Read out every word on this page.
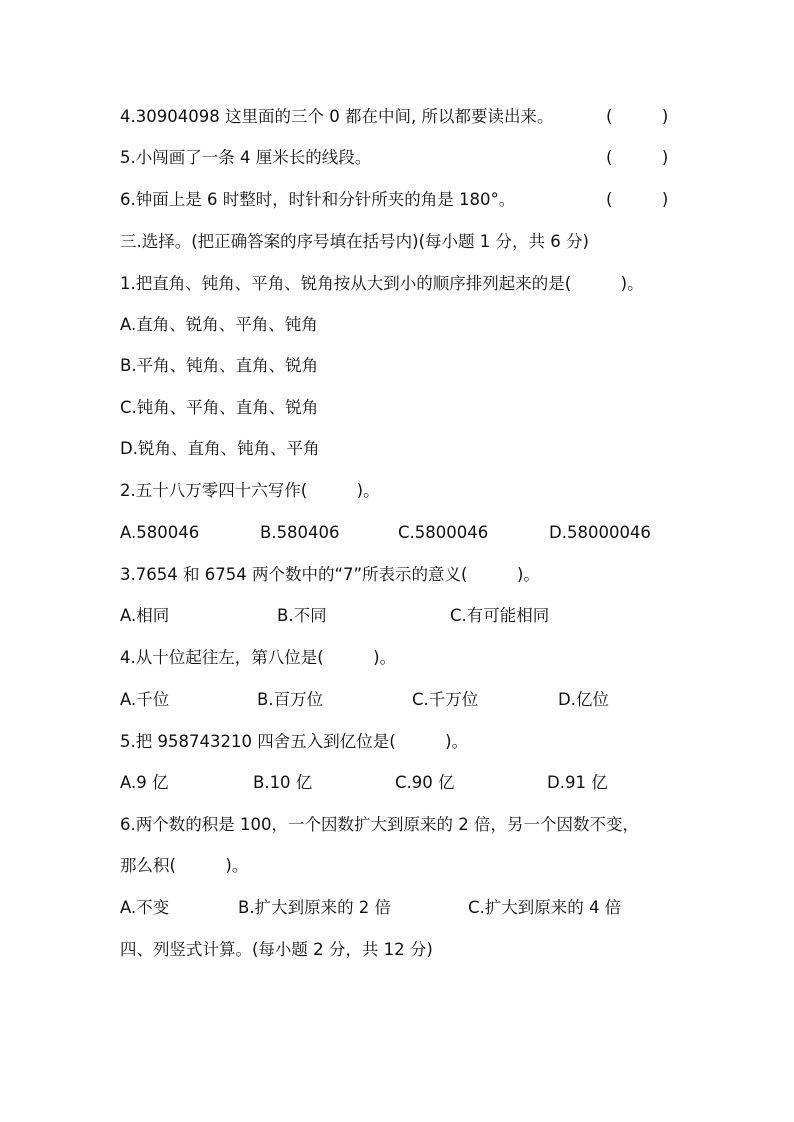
4.30904098 这里面的三个 0 都在中间, 所以都要读出来。	(　　　)
5.小闯画了一条 4 厘米长的线段。	(　　　)
6.钟面上是 6 时整时，时针和分针所夹的角是 180°。	(　　　)
三.选择。(把正确答案的序号填在括号内)(每小题 1 分，共 6 分)
1.把直角、钝角、平角、锐角按从大到小的顺序排列起来的是(　　　)。
A.直角、锐角、平角、钝角
B.平角、钝角、直角、锐角
C.钝角、平角、直角、锐角
D.锐角、直角、钝角、平角
2.五十八万零四十六写作(　　　)。
A.580046	B.580406	C.5800046	D.58000046
3.7654 和 6754 两个数中的“7”所表示的意义(　　　)。
A.相同	B.不同	C.有可能相同
4.从十位起往左，第八位是(　　　)。
A.千位	B.百万位	C.千万位	D.亿位
5.把 958743210 四舍五入到亿位是(　　　)。
A.9 亿	B.10 亿	C.90 亿	D.91 亿
6.两个数的积是 100，一个因数扩大到原来的 2 倍，另一个因数不变，
那么积(　　　)。
A.不变	B.扩大到原来的 2 倍	C.扩大到原来的 4 倍
四、列竖式计算。(每小题 2 分，共 12 分)
